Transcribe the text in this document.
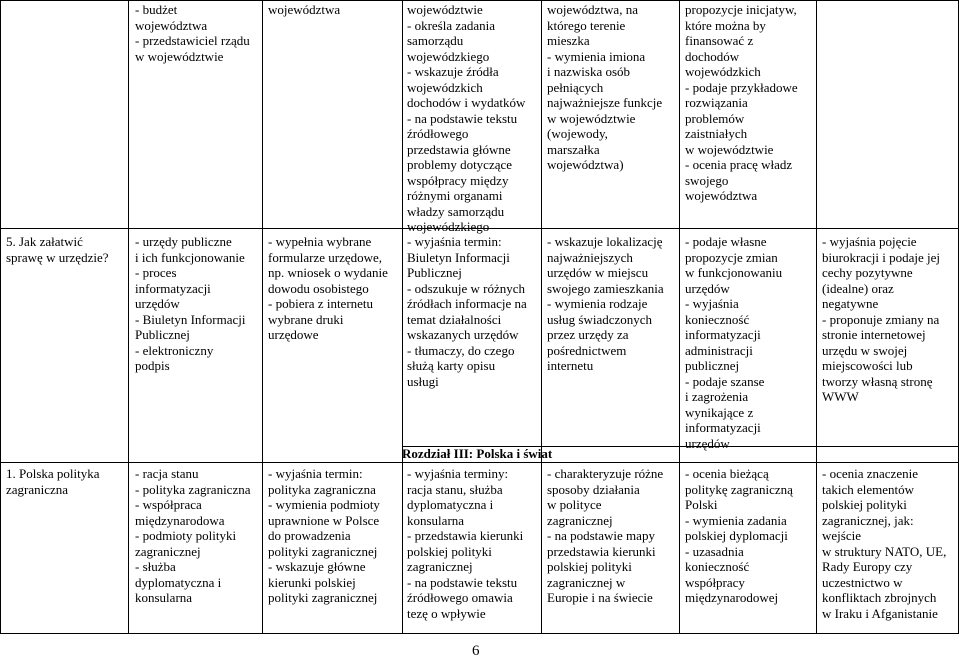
- budżet
województwa
- przedstawiciel rządu
w województwie
województwa	województwie
- określa zadania
samorządu
wojewódzkiego
- wskazuje źródła
wojewódzkich
dochodów i wydatków
- na podstawie tekstu
źródłowego
przedstawia główne
problemy dotyczące
współpracy między
różnymi organami
władzy samorządu
wojewódzkiego
województwa, na
którego terenie
mieszka
- wymienia imiona
i nazwiska osób
pełniących
najważniejsze funkcje
w województwie
(wojewody,
marszałka
województwa)
propozycje inicjatyw,
które można by
finansować z
dochodów
wojewódzkich
- podaje przykładowe
rozwiązania
problemów
zaistniałych
w województwie
- ocenia pracę władz
swojego
województwa
5. Jak załatwić
sprawę w urzędzie?
- urzędy publiczne
i ich funkcjonowanie
- proces
informatyzacji
urzędów
- Biuletyn Informacji
Publicznej
- elektroniczny
podpis
- wypełnia wybrane
formularze urzędowe,
np. wniosek o wydanie
dowodu osobistego
- pobiera z internetu
wybrane druki
urzędowe
- wyjaśnia termin:
Biuletyn Informacji
Publicznej
- odszukuje w różnych
źródłach informacje na
temat działalności
wskazanych urzędów
- tłumaczy, do czego
służą karty opisu
usługi
- wskazuje lokalizację
najważniejszych
urzędów w miejscu
swojego zamieszkania
- wymienia rodzaje
usług świadczonych
przez urzędy za
pośrednictwem
internetu
- podaje własne
propozycje zmian
w funkcjonowaniu
urzędów
- wyjaśnia
konieczność
informatyzacji
administracji
publicznej
- podaje szanse
i zagrożenia
wynikające z
informatyzacji
urzędów
- wyjaśnia pojęcie
biurokracji i podaje jej
cechy pozytywne
(idealne) oraz
negatywne
- proponuje zmiany na
stronie internetowej
urzędu w swojej
miejscowości lub
tworzy własną stronę
WWW
Rozdział III: Polska i świat
1. Polska polityka
zagraniczna
- racja stanu
- polityka zagraniczna
- współpraca
międzynarodowa
- podmioty polityki
zagranicznej
- służba
dyplomatyczna i
konsularna
- wyjaśnia termin:
polityka zagraniczna
- wymienia podmioty
uprawnione w Polsce
do prowadzenia
polityki zagranicznej
- wskazuje główne
kierunki polskiej
polityki zagranicznej
- wyjaśnia terminy:
racja stanu, służba
dyplomatyczna i
konsularna
- przedstawia kierunki
polskiej polityki
zagranicznej
- na podstawie tekstu
źródłowego omawia
tezę o wpływie
- charakteryzuje różne
sposoby działania
w polityce
zagranicznej
- na podstawie mapy
przedstawia kierunki
polskiej polityki
zagranicznej w
Europie i na świecie
- ocenia bieżącą
politykę zagraniczną
Polski
- wymienia zadania
polskiej dyplomacji
- uzasadnia
konieczność
współpracy
międzynarodowej
- ocenia znaczenie
takich elementów
polskiej polityki
zagranicznej, jak:
wejście
w struktury NATO, UE,
Rady Europy czy
uczestnictwo w
konfliktach zbrojnych
w Iraku i Afganistanie
6
